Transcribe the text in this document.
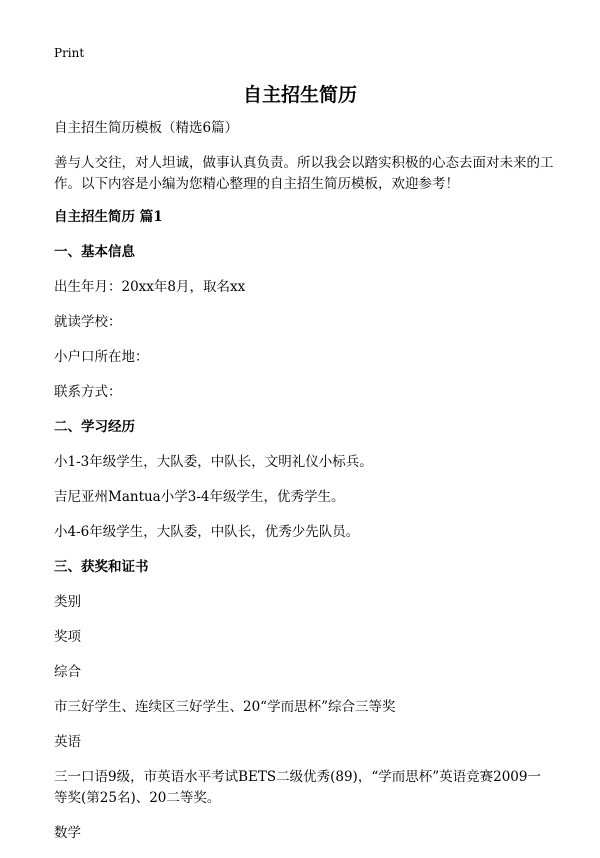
Print
自主招生简历

自主招生简历模板（精选6篇）

善与人交往，对人坦诚，做事认真负责。所以我会以踏实积极的心态去面对未来的工作。以下内容是小编为您精心整理的自主招生简历模板，欢迎参考！

自主招生简历 篇1

一、基本信息

出生年月：20xx年8月，取名xx

就读学校：

小户口所在地：

联系方式：

二、学习经历

小1-3年级学生，大队委，中队长，文明礼仪小标兵。

吉尼亚州Mantua小学3-4年级学生，优秀学生。

小4-6年级学生，大队委，中队长，优秀少先队员。

三、获奖和证书

类别

奖项

综合

市三好学生、连续区三好学生、20“学而思杯”综合三等奖

英语

三一口语9级，市英语水平考试BETS二级优秀(89)，“学而思杯”英语竞赛2009一等奖(第25名)、20二等奖。

数学
